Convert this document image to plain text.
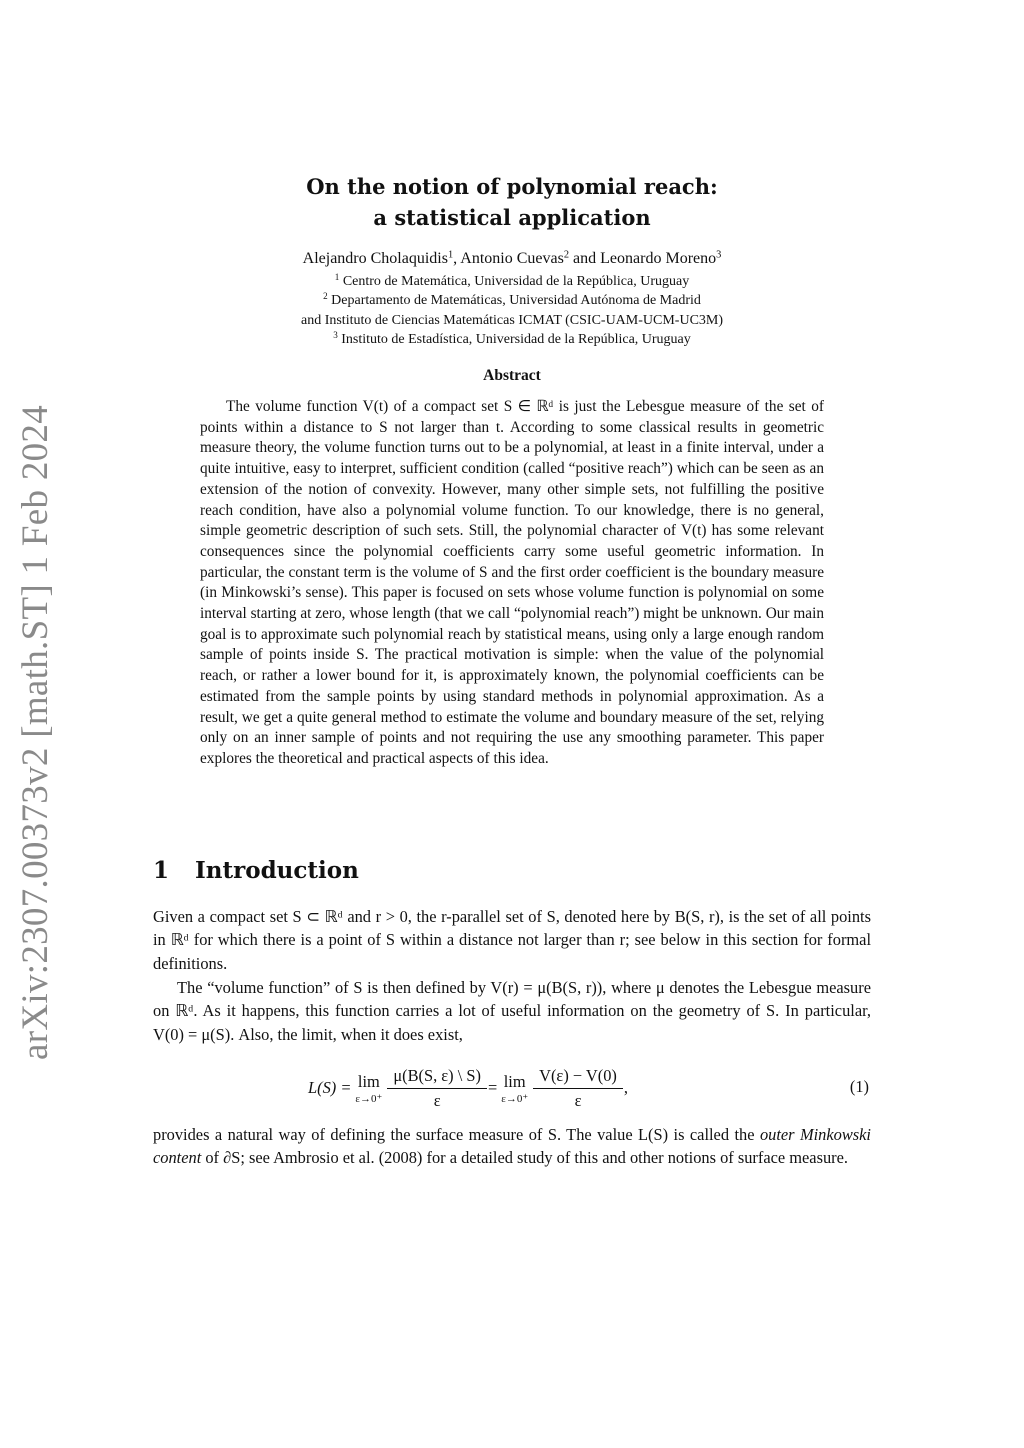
arXiv:2307.00373v2 [math.ST] 1 Feb 2024
On the notion of polynomial reach:
a statistical application
Alejandro Cholaquidis$^1$, Antonio Cuevas$^2$ and Leonardo Moreno$^3$
$^1$ Centro de Matemática, Universidad de la República, Uruguay
$^2$ Departamento de Matemáticas, Universidad Autónoma de Madrid
and Instituto de Ciencias Matemáticas ICMAT (CSIC-UAM-UCM-UC3M)
$^3$ Instituto de Estadística, Universidad de la República, Uruguay
Abstract
The volume function V(t) of a compact set S ∈ ℝᵈ is just the Lebesgue measure of the set of points within a distance to S not larger than t. According to some classical results in geometric measure theory, the volume function turns out to be a polynomial, at least in a finite interval, under a quite intuitive, easy to interpret, sufficient condition (called “positive reach”) which can be seen as an extension of the notion of convexity. However, many other simple sets, not fulfilling the positive reach condition, have also a polynomial volume function. To our knowledge, there is no general, simple geometric description of such sets. Still, the polynomial character of V(t) has some relevant consequences since the polynomial coefficients carry some useful geometric information. In particular, the constant term is the volume of S and the first order coefficient is the boundary measure (in Minkowski’s sense). This paper is focused on sets whose volume function is polynomial on some interval starting at zero, whose length (that we call “polynomial reach”) might be unknown. Our main goal is to approximate such polynomial reach by statistical means, using only a large enough random sample of points inside S. The practical motivation is simple: when the value of the polynomial reach, or rather a lower bound for it, is approximately known, the polynomial coefficients can be estimated from the sample points by using standard methods in polynomial approximation. As a result, we get a quite general method to estimate the volume and boundary measure of the set, relying only on an inner sample of points and not requiring the use any smoothing parameter. This paper explores the theoretical and practical aspects of this idea.
1 Introduction
Given a compact set S ⊂ ℝᵈ and r > 0, the r-parallel set of S, denoted here by B(S, r), is the set of all points in ℝᵈ for which there is a point of S within a distance not larger than r; see below in this section for formal definitions.
The “volume function” of S is then defined by V(r) = μ(B(S, r)), where μ denotes the Lebesgue measure on ℝᵈ. As it happens, this function carries a lot of useful information on the geometry of S. In particular, V(0) = μ(S). Also, the limit, when it does exist,
L(S) = lim
$\varepsilon\to 0^+ \frac{\mu(B(S, \varepsilon) \backslash S)}{\varepsilon} = \lim$
$\varepsilon\to 0^+ \frac{V(\varepsilon) - V(0)}{\varepsilon}$ ,	(1)
provides a natural way of defining the surface measure of S. The value L(S) is called the outer Minkowski content of ∂S; see Ambrosio et al. (2008) for a detailed study of this and other notions of surface measure.
